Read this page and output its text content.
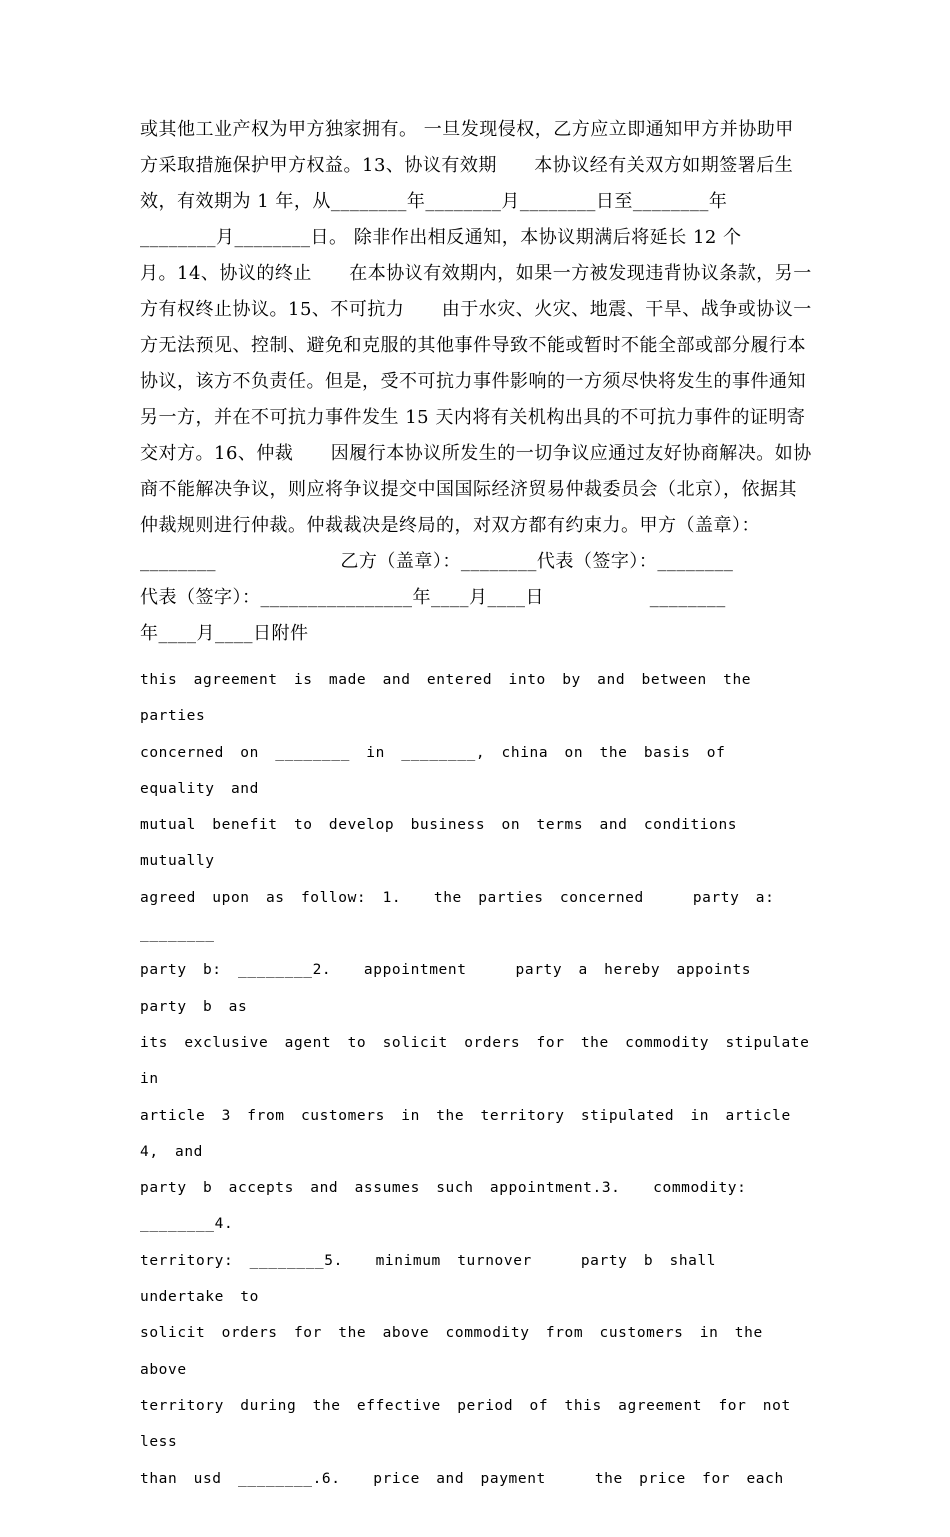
或其他工业产权为甲方独家拥有。 一旦发现侵权，乙方应立即通知甲方并协助甲
方采取措施保护甲方权益。13、协议有效期      本协议经有关双方如期签署后生
效，有效期为 1 年，从________年________月________日至________年
________月________日。 除非作出相反通知，本协议期满后将延长 12 个
月。14、协议的终止      在本协议有效期内，如果一方被发现违背协议条款，另一
方有权终止协议。15、不可抗力      由于水灾、火灾、地震、干旱、战争或协议一
方无法预见、控制、避免和克服的其他事件导致不能或暂时不能全部或部分履行本
协议，该方不负责任。但是，受不可抗力事件影响的一方须尽快将发生的事件通知
另一方，并在不可抗力事件发生 15 天内将有关机构出具的不可抗力事件的证明寄
交对方。16、仲裁      因履行本协议所发生的一切争议应通过友好协商解决。如协
商不能解决争议，则应将争议提交中国国际经济贸易仲裁委员会（北京），依据其
仲裁规则进行仲裁。仲裁裁决是终局的，对双方都有约束力。甲方（盖章）：
________                    乙方（盖章）：________代表（签字）：________
代表（签字）：________________年____月____日                 ________
年____月____日附件
this agreement is made and entered into by and between the parties
concerned on ________ in ________, china on the basis of equality and
mutual benefit to develop business on terms and conditions mutually
agreed upon as follow: 1.  the parties concerned   party a: ________
party b: ________2.  appointment   party a hereby appoints party b as
its exclusive agent to solicit orders for the commodity stipulate in
article 3 from customers in the territory stipulated in article 4, and
party b accepts and assumes such appointment.3.  commodity: ________4.
territory: ________5.  minimum turnover   party b shall undertake to
solicit orders for the above commodity from customers in the above
territory during the effective period of this agreement for not less
than usd ________.6.  price and payment   the price for each
